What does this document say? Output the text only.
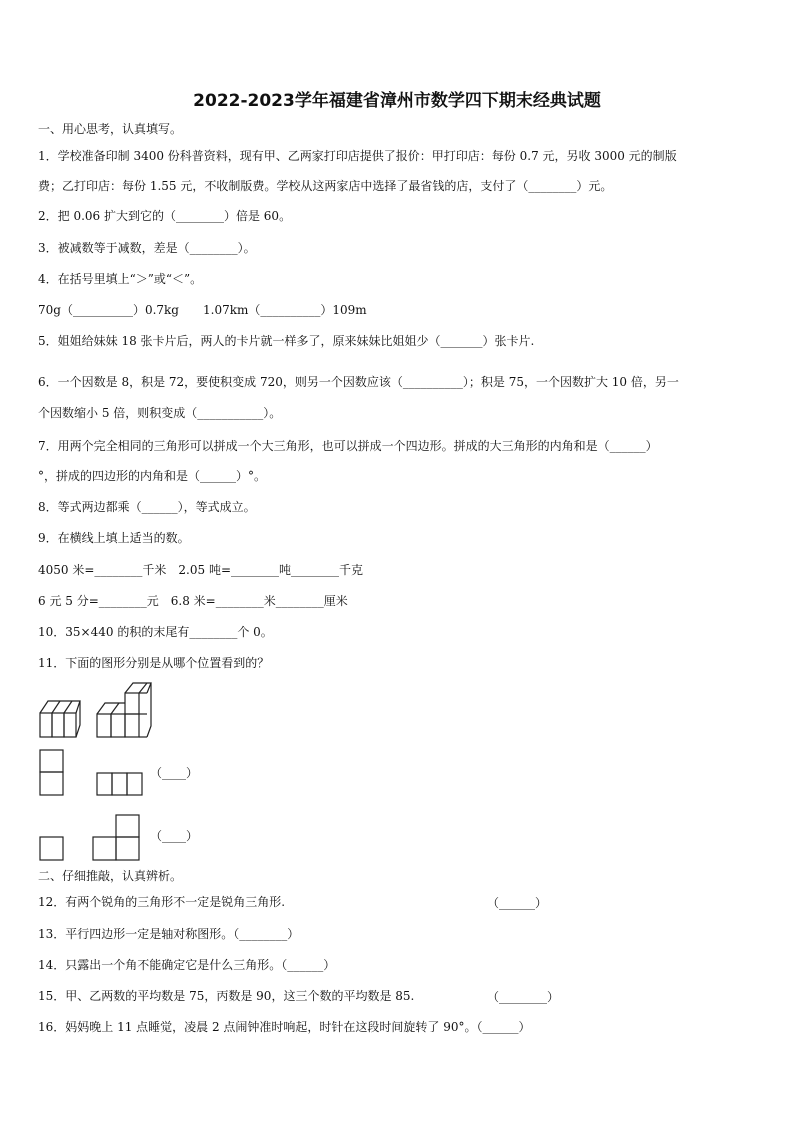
2022-2023学年福建省漳州市数学四下期末经典试题
一、用心思考，认真填写。
1．学校准备印制 3400 份科普资料，现有甲、乙两家打印店提供了报价：甲打印店：每份 0.7 元，另收 3000 元的制版
费；乙打印店：每份 1.55 元，不收制版费。学校从这两家店中选择了最省钱的店，支付了（________）元。
2．把 0.06 扩大到它的（________）倍是 60。
3．被减数等于减数，差是（________）。
4．在括号里填上“＞”或“＜”。
70g（__________）0.7kg　　1.07km（__________）109m
5．姐姐给妹妹 18 张卡片后，两人的卡片就一样多了，原来妹妹比姐姐少（_______）张卡片.
6．一个因数是 8，积是 72，要使积变成 720，则另一个因数应该（__________）；积是 75，一个因数扩大 10 倍，另一
个因数缩小 5 倍，则积变成（___________）。
7．用两个完全相同的三角形可以拼成一个大三角形，也可以拼成一个四边形。拼成的大三角形的内角和是（______）
°，拼成的四边形的内角和是（______）°。
8．等式两边都乘（______），等式成立。
9．在横线上填上适当的数。
4050 米=________千米　2.05 吨=________吨________千克
6 元 5 分=________元　6.8 米=________米________厘米
10．35×440 的积的末尾有________个 0。
11．下面的图形分别是从哪个位置看到的？
（____）
（____）
二、仔细推敲，认真辨析。
12．有两个锐角的三角形不一定是锐角三角形.	（______）
13．平行四边形一定是轴对称图形。（________）
14．只露出一个角不能确定它是什么三角形。（______）
15．甲、乙两数的平均数是 75，丙数是 90，这三个数的平均数是 85.	（________）
16．妈妈晚上 11 点睡觉，凌晨 2 点闹钟准时响起，时针在这段时间旋转了 90°。（______）
